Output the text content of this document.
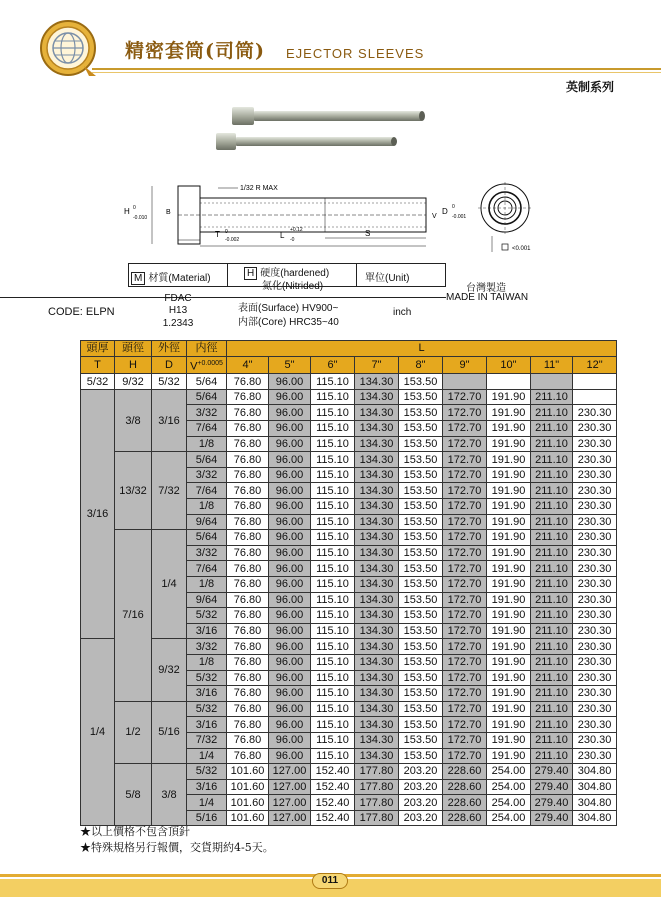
精密套筒(司筒) EJECTOR SLEEVES
英制系列
1/32 R MAX
H 0
-0.010
B
T 0
-0.002	L
+0.12
-0
S
V
D 0
-0.001
<0.001
M 材質(Material)	H 硬度(hardened)
氮化(Nitrided)
單位(Unit)
台灣製造
MADE IN TAIWAN
CODE: ELPN
FDAC
H13
1.2343
表面(Surface) HV900~
内部(Core) HRC35~40
inch
頭厚	頭徑	外徑	内徑	L								
T	H	D	$V^{+0.0005}$	4"	5"	6"	7"	8"	9"	10"	11"	12"
5/32	9/32	5/32	5/64	76.80	96.00	115.10	134.30	153.50				
3/16	3/8	3/16	5/64	76.80	96.00	115.10	134.30	153.50	172.70	191.90	211.10	
			3/32	76.80	96.00	115.10	134.30	153.50	172.70	191.90	211.10	230.30
			7/64	76.80	96.00	115.10	134.30	153.50	172.70	191.90	211.10	230.30
			1/8	76.80	96.00	115.10	134.30	153.50	172.70	191.90	211.10	230.30
	13/32	7/32	5/64	76.80	96.00	115.10	134.30	153.50	172.70	191.90	211.10	230.30
			3/32	76.80	96.00	115.10	134.30	153.50	172.70	191.90	211.10	230.30
			7/64	76.80	96.00	115.10	134.30	153.50	172.70	191.90	211.10	230.30
			1/8	76.80	96.00	115.10	134.30	153.50	172.70	191.90	211.10	230.30
			9/64	76.80	96.00	115.10	134.30	153.50	172.70	191.90	211.10	230.30
	7/16	1/4	5/64	76.80	96.00	115.10	134.30	153.50	172.70	191.90	211.10	230.30
			3/32	76.80	96.00	115.10	134.30	153.50	172.70	191.90	211.10	230.30
			7/64	76.80	96.00	115.10	134.30	153.50	172.70	191.90	211.10	230.30
			1/8	76.80	96.00	115.10	134.30	153.50	172.70	191.90	211.10	230.30
			9/64	76.80	96.00	115.10	134.30	153.50	172.70	191.90	211.10	230.30
			5/32	76.80	96.00	115.10	134.30	153.50	172.70	191.90	211.10	230.30
			3/16	76.80	96.00	115.10	134.30	153.50	172.70	191.90	211.10	230.30
1/4		9/32	3/32	76.80	96.00	115.10	134.30	153.50	172.70	191.90	211.10	230.30
			1/8	76.80	96.00	115.10	134.30	153.50	172.70	191.90	211.10	230.30
			5/32	76.80	96.00	115.10	134.30	153.50	172.70	191.90	211.10	230.30
			3/16	76.80	96.00	115.10	134.30	153.50	172.70	191.90	211.10	230.30
	1/2	5/16	5/32	76.80	96.00	115.10	134.30	153.50	172.70	191.90	211.10	230.30
			3/16	76.80	96.00	115.10	134.30	153.50	172.70	191.90	211.10	230.30
			7/32	76.80	96.00	115.10	134.30	153.50	172.70	191.90	211.10	230.30
			1/4	76.80	96.00	115.10	134.30	153.50	172.70	191.90	211.10	230.30
	5/8	3/8	5/32	101.60	127.00	152.40	177.80	203.20	228.60	254.00	279.40	304.80
			3/16	101.60	127.00	152.40	177.80	203.20	228.60	254.00	279.40	304.80
			1/4	101.60	127.00	152.40	177.80	203.20	228.60	254.00	279.40	304.80
			5/16	101.60	127.00	152.40	177.80	203.20	228.60	254.00	279.40	304.80
★以上價格不包含頂針
★特殊規格另行報價，交貨期約4-5天。
011
